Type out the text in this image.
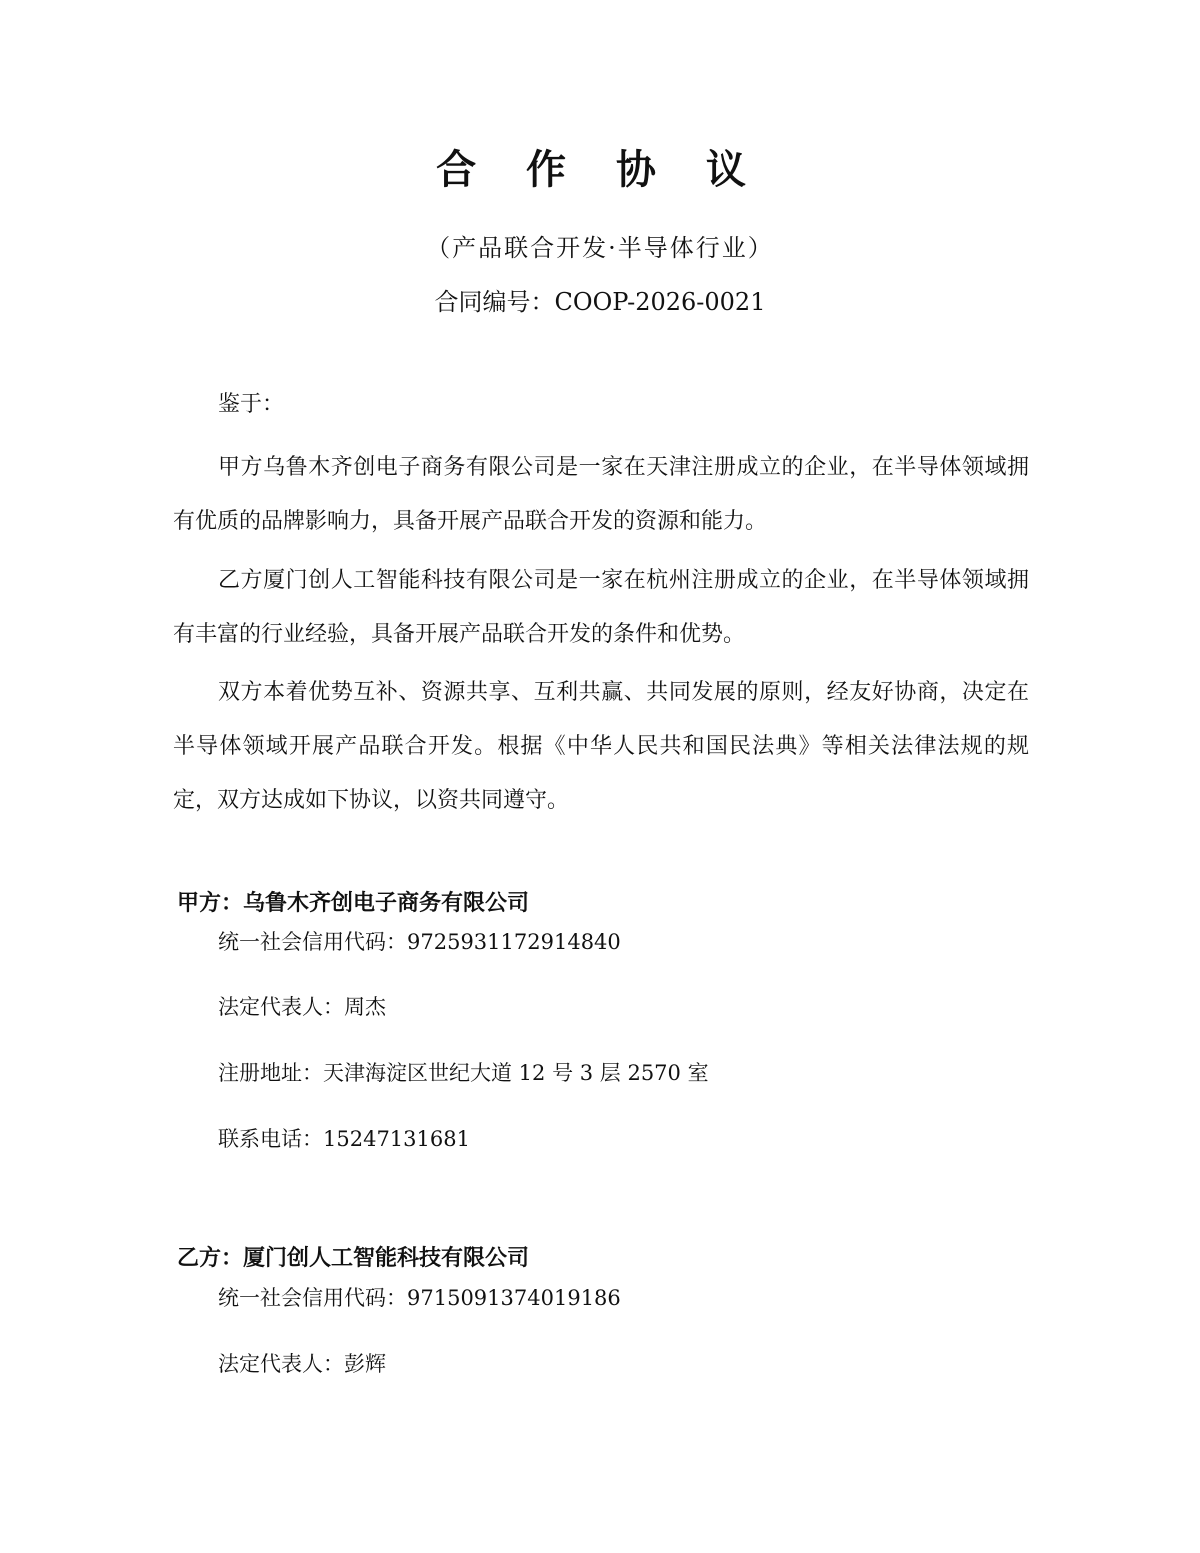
合 作 协 议
（产品联合开发·半导体行业）
合同编号：COOP-2026-0021

鉴于：

甲方乌鲁木齐创电子商务有限公司是一家在天津注册成立的企业，在半导体领域拥有优质的品牌影响力，具备开展产品联合开发的资源和能力。

乙方厦门创人工智能科技有限公司是一家在杭州注册成立的企业，在半导体领域拥有丰富的行业经验，具备开展产品联合开发的条件和优势。

双方本着优势互补、资源共享、互利共赢、共同发展的原则，经友好协商，决定在半导体领域开展产品联合开发。根据《中华人民共和国民法典》等相关法律法规的规定，双方达成如下协议，以资共同遵守。

甲方：乌鲁木齐创电子商务有限公司
统一社会信用代码：9725931172914840
法定代表人：周杰
注册地址：天津海淀区世纪大道 12 号 3 层 2570 室
联系电话：15247131681
乙方：厦门创人工智能科技有限公司
统一社会信用代码：9715091374019186
法定代表人：彭辉
